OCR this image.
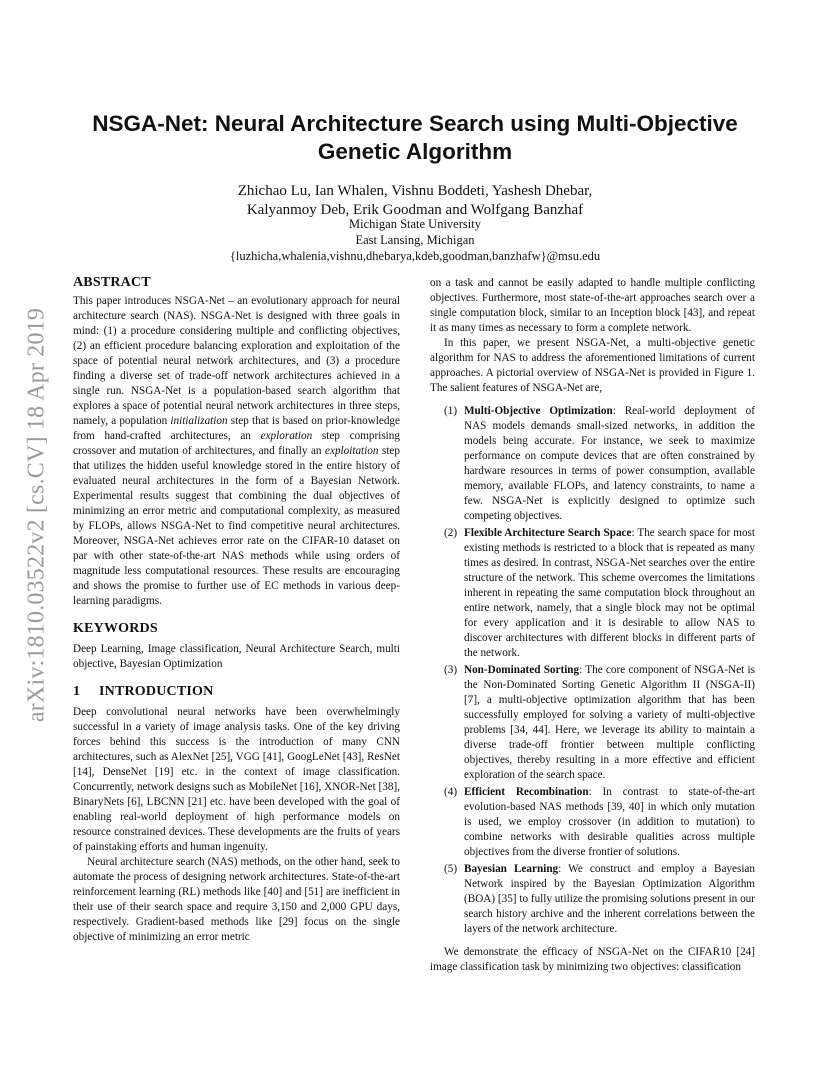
arXiv:1810.03522v2 [cs.CV] 18 Apr 2019
NSGA-Net: Neural Architecture Search using Multi-Objective
Genetic Algorithm
Zhichao Lu, Ian Whalen, Vishnu Boddeti, Yashesh Dhebar,
Kalyanmoy Deb, Erik Goodman and Wolfgang Banzhaf
Michigan State University
East Lansing, Michigan
{luzhicha,whalenia,vishnu,dhebarya,kdeb,goodman,banzhafw}@msu.edu
ABSTRACT

This paper introduces NSGA-Net – an evolutionary approach for neural architecture search (NAS). NSGA-Net is designed with three goals in mind: (1) a procedure considering multiple and conflicting objectives, (2) an efficient procedure balancing exploration and exploitation of the space of potential neural network architectures, and (3) a procedure finding a diverse set of trade-off network architectures achieved in a single run. NSGA-Net is a population-based search algorithm that explores a space of potential neural network architectures in three steps, namely, a population initialization step that is based on prior-knowledge from hand-crafted architectures, an exploration step comprising crossover and mutation of architectures, and finally an exploitation step that utilizes the hidden useful knowledge stored in the entire history of evaluated neural architectures in the form of a Bayesian Network. Experimental results suggest that combining the dual objectives of minimizing an error metric and computational complexity, as measured by FLOPs, allows NSGA-Net to find competitive neural architectures. Moreover, NSGA-Net achieves error rate on the CIFAR-10 dataset on par with other state-of-the-art NAS methods while using orders of magnitude less computational resources. These results are encouraging and shows the promise to further use of EC methods in various deep-learning paradigms.

KEYWORDS

Deep Learning, Image classification, Neural Architecture Search, multi objective, Bayesian Optimization

1 INTRODUCTION

Deep convolutional neural networks have been overwhelmingly successful in a variety of image analysis tasks. One of the key driving forces behind this success is the introduction of many CNN architectures, such as AlexNet [25], VGG [41], GoogLeNet [43], ResNet [14], DenseNet [19] etc. in the context of image classification. Concurrently, network designs such as MobileNet [16], XNOR-Net [38], BinaryNets [6], LBCNN [21] etc. have been developed with the goal of enabling real-world deployment of high performance models on resource constrained devices. These developments are the fruits of years of painstaking efforts and human ingenuity.

Neural architecture search (NAS) methods, on the other hand, seek to automate the process of designing network architectures. State-of-the-art reinforcement learning (RL) methods like [40] and [51] are inefficient in their use of their search space and require 3,150 and 2,000 GPU days, respectively. Gradient-based methods like [29] focus on the single objective of minimizing an error metric

on a task and cannot be easily adapted to handle multiple conflicting objectives. Furthermore, most state-of-the-art approaches search over a single computation block, similar to an Inception block [43], and repeat it as many times as necessary to form a complete network.

In this paper, we present NSGA-Net, a multi-objective genetic algorithm for NAS to address the aforementioned limitations of current approaches. A pictorial overview of NSGA-Net is provided in Figure 1. The salient features of NSGA-Net are,

(1) Multi-Objective Optimization: Real-world deployment of NAS models demands small-sized networks, in addition the models being accurate. For instance, we seek to maximize performance on compute devices that are often constrained by hardware resources in terms of power consumption, available memory, available FLOPs, and latency constraints, to name a few. NSGA-Net is explicitly designed to optimize such competing objectives.
(2) Flexible Architecture Search Space: The search space for most existing methods is restricted to a block that is repeated as many times as desired. In contrast, NSGA-Net searches over the entire structure of the network. This scheme overcomes the limitations inherent in repeating the same computation block throughout an entire network, namely, that a single block may not be optimal for every application and it is desirable to allow NAS to discover architectures with different blocks in different parts of the network.
(3) Non-Dominated Sorting: The core component of NSGA-Net is the Non-Dominated Sorting Genetic Algorithm II (NSGA-II) [7], a multi-objective optimization algorithm that has been successfully employed for solving a variety of multi-objective problems [34, 44]. Here, we leverage its ability to maintain a diverse trade-off frontier between multiple conflicting objectives, thereby resulting in a more effective and efficient exploration of the search space.
(4) Efficient Recombination: In contrast to state-of-the-art evolution-based NAS methods [39, 40] in which only mutation is used, we employ crossover (in addition to mutation) to combine networks with desirable qualities across multiple objectives from the diverse frontier of solutions.
(5) Bayesian Learning: We construct and employ a Bayesian Network inspired by the Bayesian Optimization Algorithm (BOA) [35] to fully utilize the promising solutions present in our search history archive and the inherent correlations between the layers of the network architecture.

We demonstrate the efficacy of NSGA-Net on the CIFAR10 [24] image classification task by minimizing two objectives: classification
